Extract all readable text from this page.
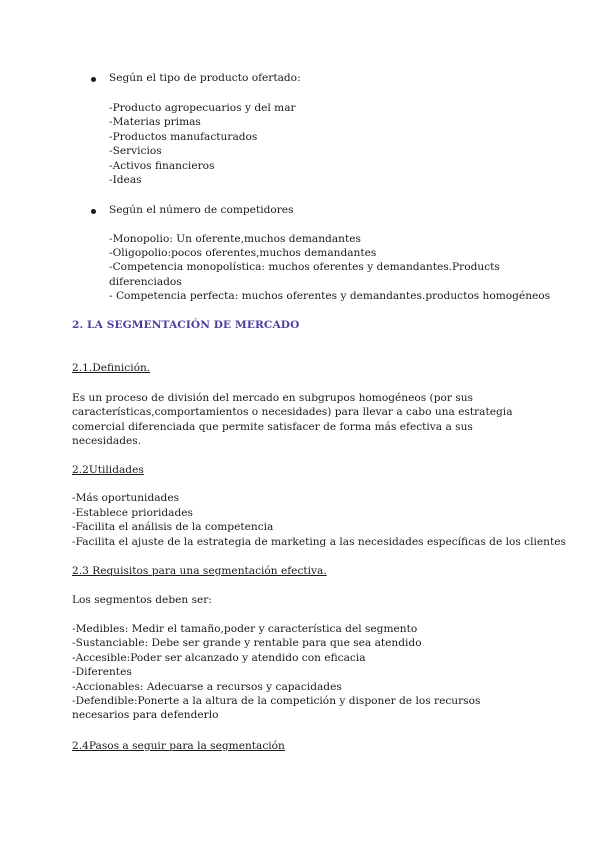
Según el tipo de producto ofertado:
-Producto agropecuarios y del mar
-Materias primas
-Productos manufacturados
-Servicios
-Activos financieros
-Ideas
Según el número de competidores
-Monopolio: Un oferente,muchos demandantes
-Oligopolio:pocos oferentes,muchos demandantes
-Competencia monopolística: muchos oferentes y demandantes.Products
diferenciados
- Competencia perfecta: muchos oferentes y demandantes.productos homogéneos
2. LA SEGMENTACIÓN DE MERCADO
2.1.Definición.
Es un proceso de división del mercado en subgrupos homogéneos (por sus características,comportamientos o necesidades) para llevar a cabo una estrategia comercial diferenciada que permite satisfacer de forma más efectiva a sus necesidades.
2.2Utilidades
-Más oportunidades
-Establece prioridades
-Facilita el análisis de la competencia
-Facilita el ajuste de la estrategia de marketing a las necesidades específicas de los clientes
2.3 Requisitos para una segmentación efectiva.
Los segmentos deben ser:
-Medibles: Medir el tamaño,poder y característica del segmento
-Sustanciable: Debe ser grande y rentable para que sea atendido
-Accesible:Poder ser alcanzado y atendido con eficacia
-Diferentes
-Accionables: Adecuarse a recursos y capacidades
-Defendible:Ponerte a la altura de la competición y disponer de los recursos necesarios para defenderlo
2.4Pasos a seguir para la segmentación
